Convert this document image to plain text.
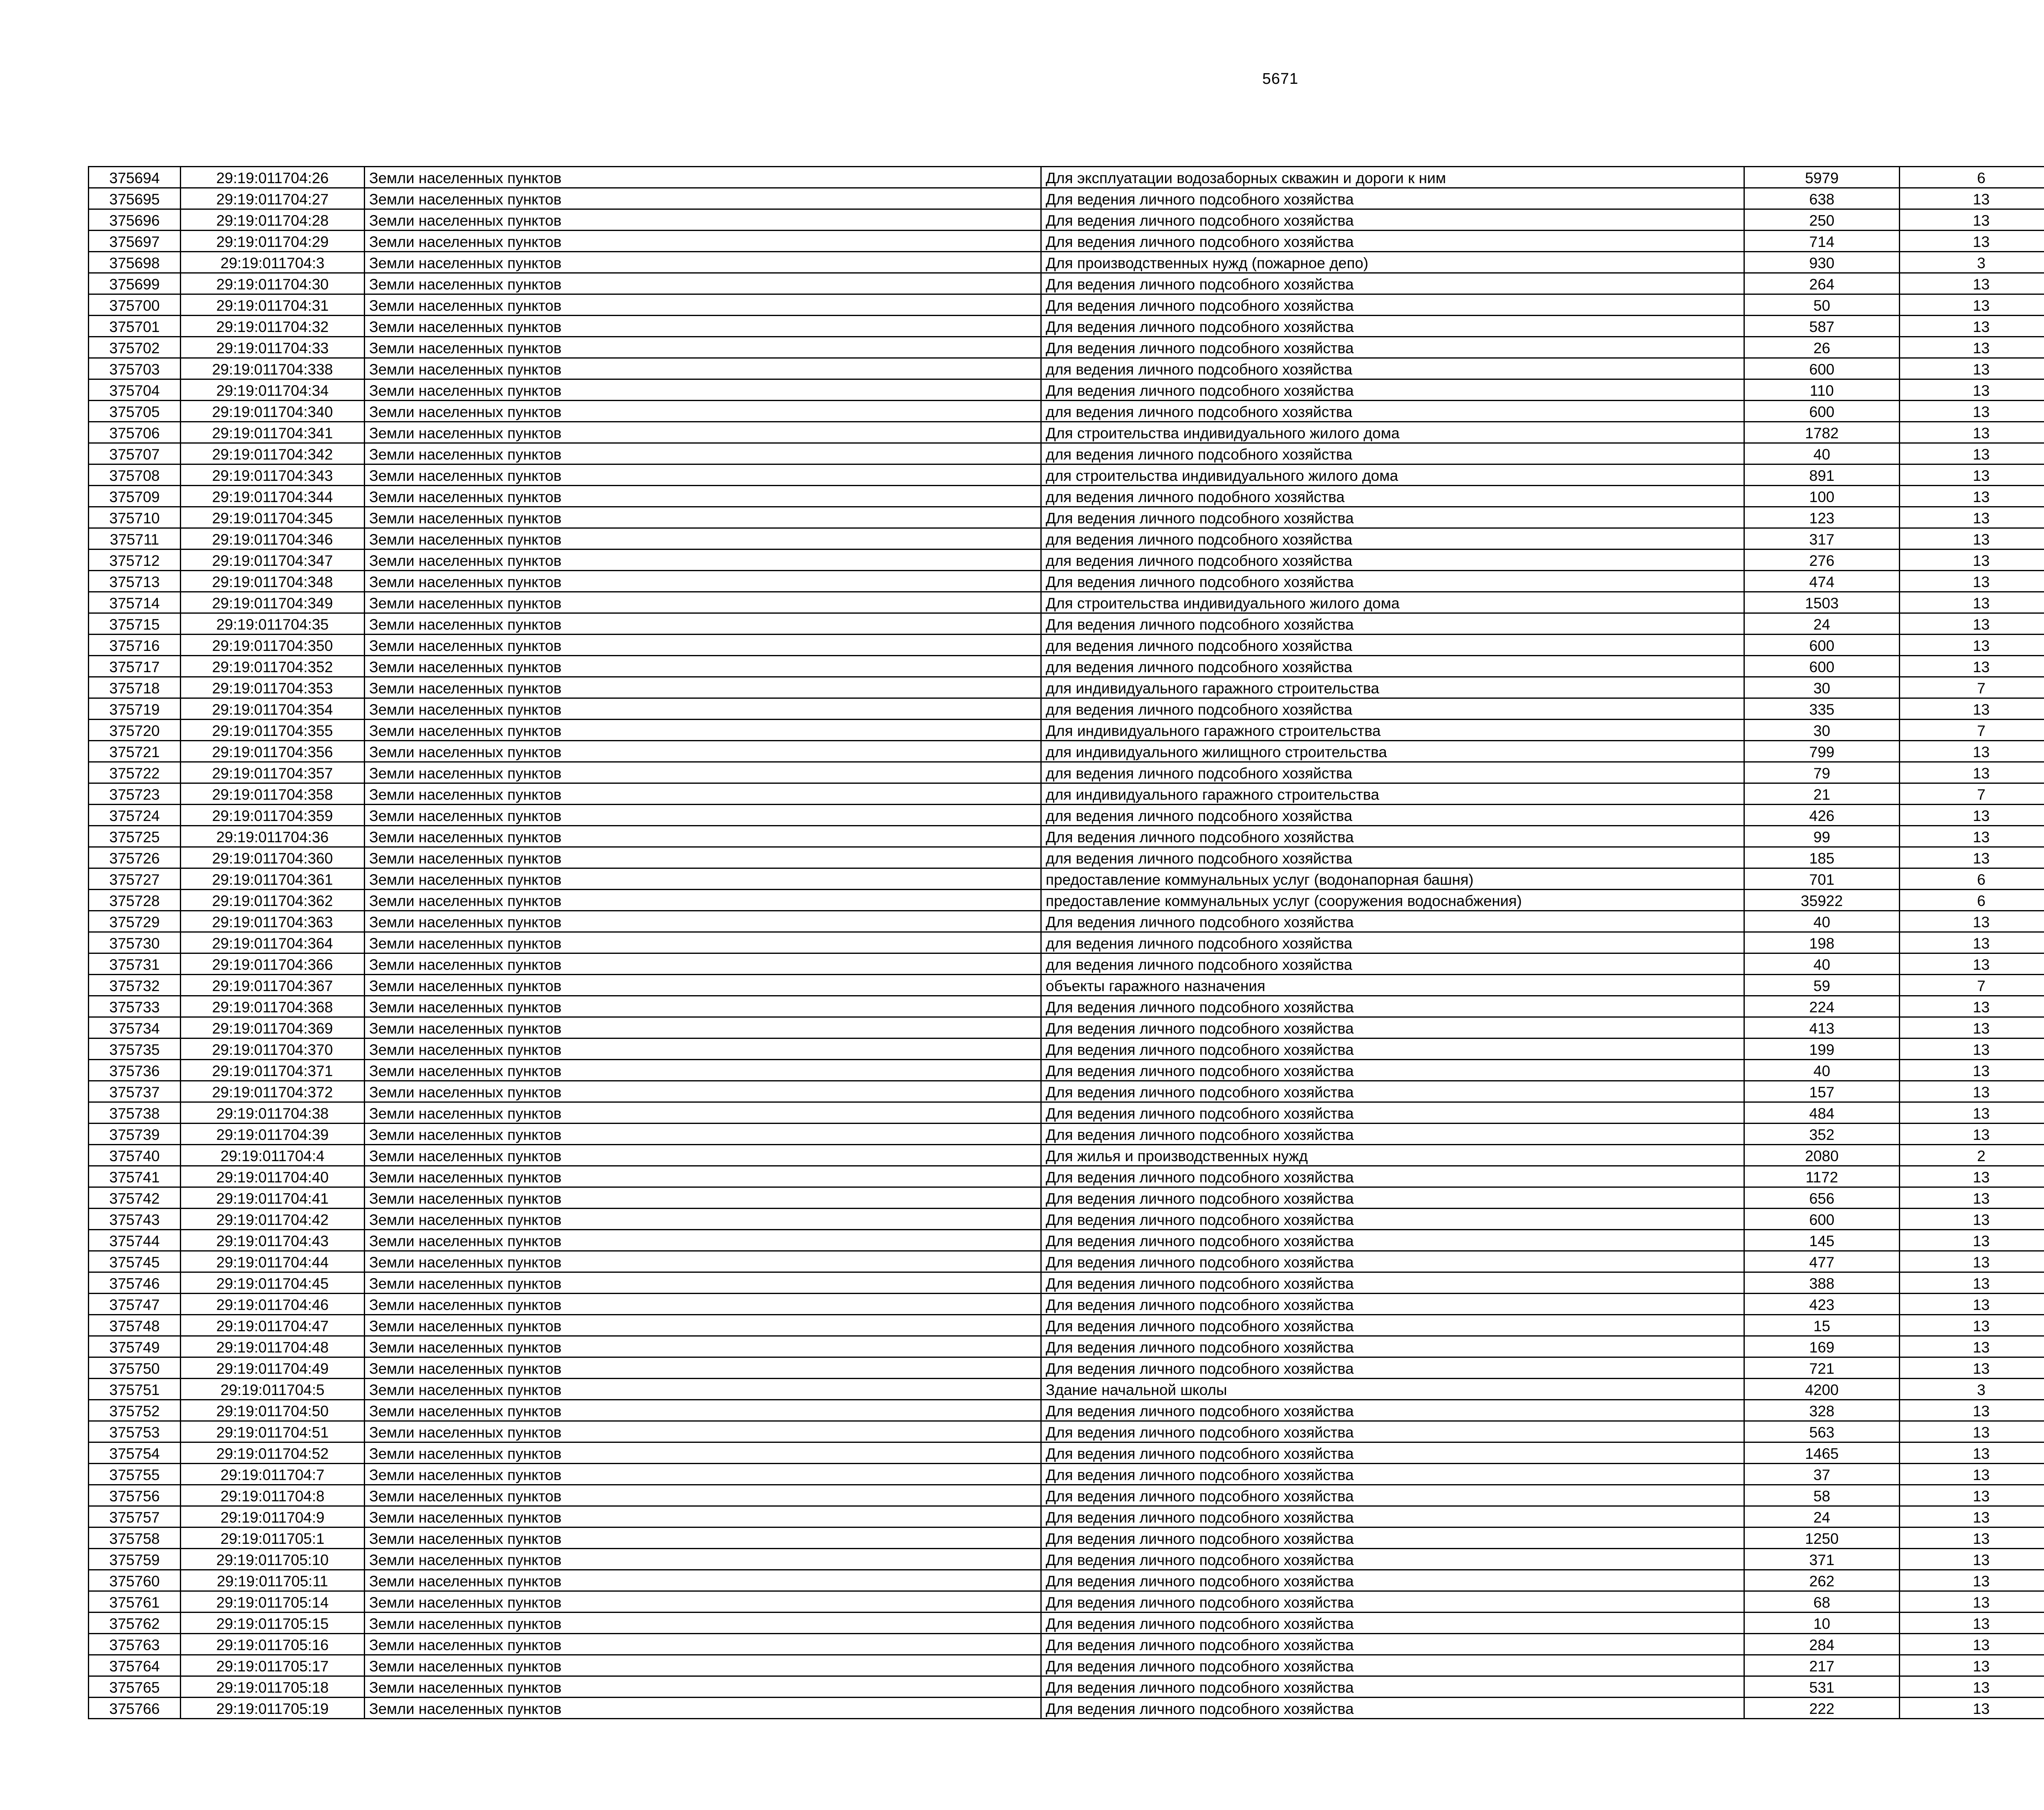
5671
375694	29:19:011704:26	Земли населенных пунктов	Для эксплуатации водозаборных скважин и дороги к ним	5979	6		
375695	29:19:011704:27	Земли населенных пунктов	Для ведения личного подсобного хозяйства	638	13		
375696	29:19:011704:28	Земли населенных пунктов	Для ведения личного подсобного хозяйства	250	13		
375697	29:19:011704:29	Земли населенных пунктов	Для ведения личного подсобного хозяйства	714	13		
375698	29:19:011704:3	Земли населенных пунктов	Для производственных нужд (пожарное депо)	930	3		
375699	29:19:011704:30	Земли населенных пунктов	Для ведения личного подсобного хозяйства	264	13		
375700	29:19:011704:31	Земли населенных пунктов	Для ведения личного подсобного хозяйства	50	13		
375701	29:19:011704:32	Земли населенных пунктов	Для ведения личного подсобного хозяйства	587	13		
375702	29:19:011704:33	Земли населенных пунктов	Для ведения личного подсобного хозяйства	26	13		
375703	29:19:011704:338	Земли населенных пунктов	для ведения личного подсобного хозяйства	600	13		
375704	29:19:011704:34	Земли населенных пунктов	Для ведения личного подсобного хозяйства	110	13		
375705	29:19:011704:340	Земли населенных пунктов	для ведения личного подсобного хозяйства	600	13		
375706	29:19:011704:341	Земли населенных пунктов	Для строительства индивидуального жилого дома	1782	13		
375707	29:19:011704:342	Земли населенных пунктов	для ведения личного подсобного хозяйства	40	13		
375708	29:19:011704:343	Земли населенных пунктов	для строительства индивидуального жилого дома	891	13		
375709	29:19:011704:344	Земли населенных пунктов	для ведения личного подобного хозяйства	100	13		
375710	29:19:011704:345	Земли населенных пунктов	Для ведения личного подсобного хозяйства	123	13		
375711	29:19:011704:346	Земли населенных пунктов	для ведения личного подсобного хозяйства	317	13		
375712	29:19:011704:347	Земли населенных пунктов	для ведения личного подсобного хозяйства	276	13		
375713	29:19:011704:348	Земли населенных пунктов	Для ведения личного подсобного хозяйства	474	13		
375714	29:19:011704:349	Земли населенных пунктов	Для строительства индивидуального жилого дома	1503	13		
375715	29:19:011704:35	Земли населенных пунктов	Для ведения личного подсобного хозяйства	24	13		
375716	29:19:011704:350	Земли населенных пунктов	для ведения личного подсобного хозяйства	600	13		
375717	29:19:011704:352	Земли населенных пунктов	для ведения личного подсобного хозяйства	600	13		
375718	29:19:011704:353	Земли населенных пунктов	для индивидуального гаражного строительства	30	7		
375719	29:19:011704:354	Земли населенных пунктов	для ведения личного подсобного хозяйства	335	13		
375720	29:19:011704:355	Земли населенных пунктов	Для индивидуального гаражного строительства	30	7		
375721	29:19:011704:356	Земли населенных пунктов	для индивидуального жилищного строительства	799	13		
375722	29:19:011704:357	Земли населенных пунктов	для ведения личного подсобного хозяйства	79	13		
375723	29:19:011704:358	Земли населенных пунктов	для индивидуального гаражного строительства	21	7		
375724	29:19:011704:359	Земли населенных пунктов	для ведения личного подсобного хозяйства	426	13		
375725	29:19:011704:36	Земли населенных пунктов	Для ведения личного подсобного хозяйства	99	13		
375726	29:19:011704:360	Земли населенных пунктов	для ведения личного подсобного хозяйства	185	13		
375727	29:19:011704:361	Земли населенных пунктов	предоставление коммунальных услуг (водонапорная башня)	701	6		
375728	29:19:011704:362	Земли населенных пунктов	предоставление коммунальных услуг (сооружения водоснабжения)	35922	6		
375729	29:19:011704:363	Земли населенных пунктов	Для ведения личного подсобного хозяйства	40	13		
375730	29:19:011704:364	Земли населенных пунктов	для ведения личного подсобного хозяйства	198	13		
375731	29:19:011704:366	Земли населенных пунктов	для ведения личного подсобного хозяйства	40	13		
375732	29:19:011704:367	Земли населенных пунктов	объекты гаражного назначения	59	7		
375733	29:19:011704:368	Земли населенных пунктов	Для ведения личного подсобного хозяйства	224	13		
375734	29:19:011704:369	Земли населенных пунктов	Для ведения личного подсобного хозяйства	413	13		
375735	29:19:011704:370	Земли населенных пунктов	Для ведения личного подсобного хозяйства	199	13		
375736	29:19:011704:371	Земли населенных пунктов	Для ведения личного подсобного хозяйства	40	13		
375737	29:19:011704:372	Земли населенных пунктов	Для ведения личного подсобного хозяйства	157	13		
375738	29:19:011704:38	Земли населенных пунктов	Для ведения личного подсобного хозяйства	484	13		
375739	29:19:011704:39	Земли населенных пунктов	Для ведения личного подсобного хозяйства	352	13		
375740	29:19:011704:4	Земли населенных пунктов	Для жилья и производственных нужд	2080	2		
375741	29:19:011704:40	Земли населенных пунктов	Для ведения личного подсобного хозяйства	1172	13		
375742	29:19:011704:41	Земли населенных пунктов	Для ведения личного подсобного хозяйства	656	13		
375743	29:19:011704:42	Земли населенных пунктов	Для ведения личного подсобного хозяйства	600	13		
375744	29:19:011704:43	Земли населенных пунктов	Для ведения личного подсобного хозяйства	145	13		
375745	29:19:011704:44	Земли населенных пунктов	Для ведения личного подсобного хозяйства	477	13		
375746	29:19:011704:45	Земли населенных пунктов	Для ведения личного подсобного хозяйства	388	13		
375747	29:19:011704:46	Земли населенных пунктов	Для ведения личного подсобного хозяйства	423	13		
375748	29:19:011704:47	Земли населенных пунктов	Для ведения личного подсобного хозяйства	15	13		
375749	29:19:011704:48	Земли населенных пунктов	Для ведения личного подсобного хозяйства	169	13		
375750	29:19:011704:49	Земли населенных пунктов	Для ведения личного подсобного хозяйства	721	13		
375751	29:19:011704:5	Земли населенных пунктов	Здание начальной школы	4200	3		
375752	29:19:011704:50	Земли населенных пунктов	Для ведения личного подсобного хозяйства	328	13		
375753	29:19:011704:51	Земли населенных пунктов	Для ведения личного подсобного хозяйства	563	13		
375754	29:19:011704:52	Земли населенных пунктов	Для ведения личного подсобного хозяйства	1465	13		
375755	29:19:011704:7	Земли населенных пунктов	Для ведения личного подсобного хозяйства	37	13		
375756	29:19:011704:8	Земли населенных пунктов	Для ведения личного подсобного хозяйства	58	13		
375757	29:19:011704:9	Земли населенных пунктов	Для ведения личного подсобного хозяйства	24	13		
375758	29:19:011705:1	Земли населенных пунктов	Для ведения личного подсобного хозяйства	1250	13		
375759	29:19:011705:10	Земли населенных пунктов	Для ведения личного подсобного хозяйства	371	13		
375760	29:19:011705:11	Земли населенных пунктов	Для ведения личного подсобного хозяйства	262	13		
375761	29:19:011705:14	Земли населенных пунктов	Для ведения личного подсобного хозяйства	68	13		
375762	29:19:011705:15	Земли населенных пунктов	Для ведения личного подсобного хозяйства	10	13		
375763	29:19:011705:16	Земли населенных пунктов	Для ведения личного подсобного хозяйства	284	13		
375764	29:19:011705:17	Земли населенных пунктов	Для ведения личного подсобного хозяйства	217	13		
375765	29:19:011705:18	Земли населенных пунктов	Для ведения личного подсобного хозяйства	531	13		
375766	29:19:011705:19	Земли населенных пунктов	Для ведения личного подсобного хозяйства	222	13		
